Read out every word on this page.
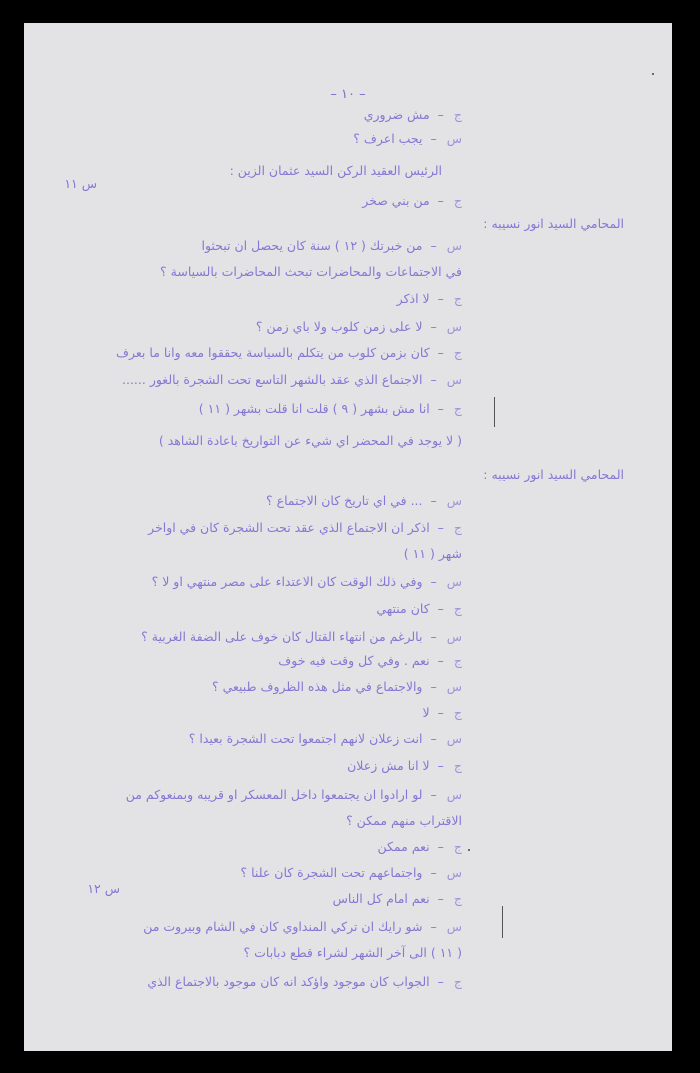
– ١٠ –
ج–مش ضروري
س–يجب اعرف ؟
الرئيس العقيد الركن السيد عثمان الزين :
ج–من بني صخر
المحامي السيد انور نسيبه :
س–من خبرتك ( ١٢ ) سنة كان يحصل ان تبحثوا
في الاجتماعات والمحاضرات تبحث المحاضرات بالسياسة ؟
ج–لا اذكر
س–لا على زمن كلوب ولا باي زمن ؟
ج–كان بزمن كلوب من يتكلم بالسياسة يحققوا معه وانا ما بعرف
س–الاجتماع الذي عقد بالشهر التاسع تحت الشجرة بالغور ......
ج–انا مش بشهر ( ٩ ) قلت انا قلت بشهر ( ١١ )
( لا يوجد في المحضر اي شيء عن التواريخ باعادة الشاهد )
المحامي السيد انور نسيبه :
س–... في اي تاريخ كان الاجتماع ؟
ج–اذكر ان الاجتماع الذي عقد تحت الشجرة كان في اواخر
شهر ( ١١ )
س–وفي ذلك الوقت كان الاعتداء على مصر منتهي او لا ؟
ج–كان منتهي
س–بالرغم من انتهاء القتال كان خوف على الضفة الغربية ؟
ج–نعم . وفي كل وقت فيه خوف
س–والاجتماع في مثل هذه الظروف طبيعي ؟
ج–لا
س–انت زعلان لانهم اجتمعوا تحت الشجرة بعيدا ؟
ج–لا انا مش زعلان
س–لو ارادوا ان يجتمعوا داخل المعسكر او قريبه وبمنعوكم من
الاقتراب منهم ممكن ؟
ج–نعم ممكن
س–واجتماعهم تحت الشجرة كان علنا ؟
ج–نعم امام كل الناس
س–شو رايك ان تركي المنداوي كان في الشام وبيروت من
( ١١ ) الى آخر الشهر لشراء قطع دبابات ؟
ج–الجواب كان موجود واؤكد انه كان موجود بالاجتماع الذي
س ١١
س ١٢
